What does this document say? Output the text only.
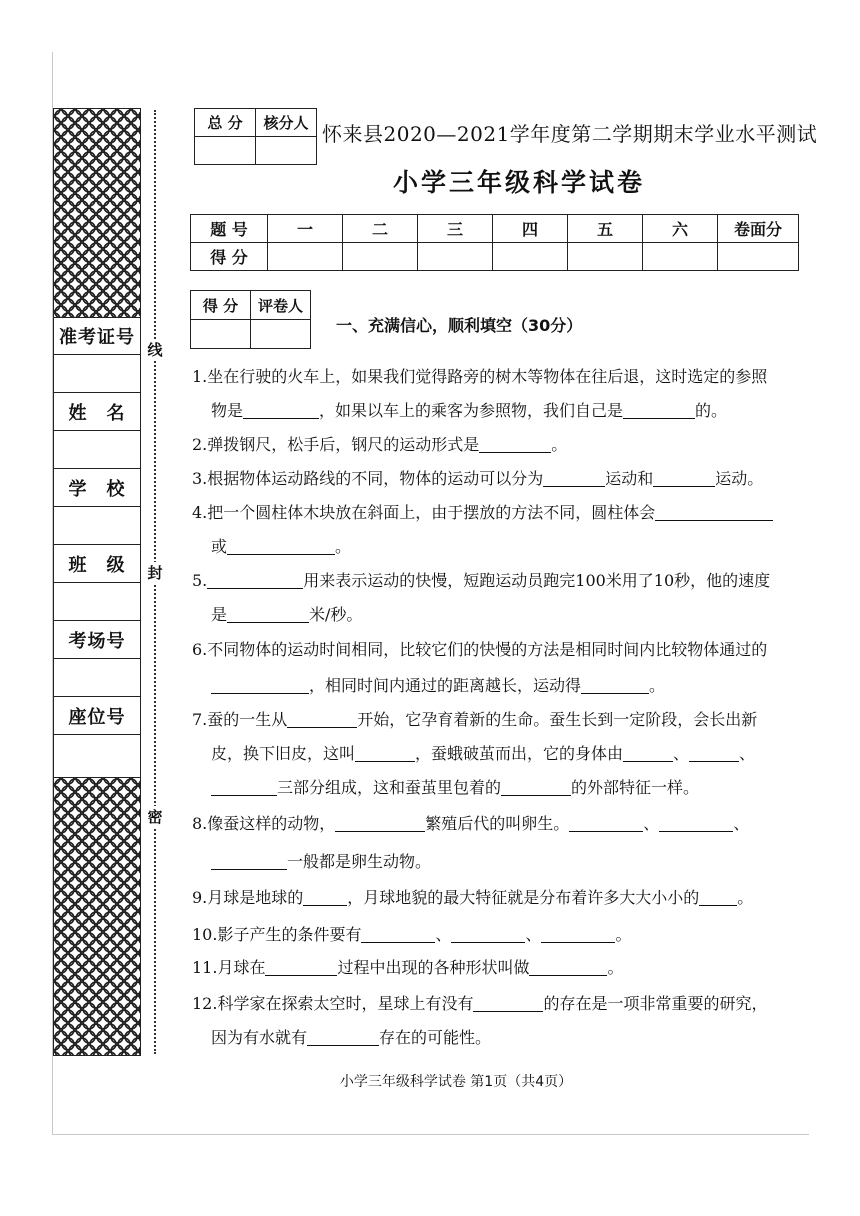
准考证号
姓　名
学　校
班　级
考场号
座位号
线
封
密
总 分	核分人
	怀来县2020—2021学年度第二学期期末学业水平测试
小学三年级科学试卷
题 号	一	二	三	四	五	六	卷面分
得 分							
得 分	评卷人

一、充满信心，顺利填空（30分）
1.坐在行驶的火车上，如果我们觉得路旁的树木等物体在往后退，这时选定的参照
物是	，如果以车上的乘客为参照物，我们自己是	的。
2.弹拨钢尺，松手后，钢尺的运动形式是	。
3.根据物体运动路线的不同，物体的运动可以分为	运动和	运动。
4.把一个圆柱体木块放在斜面上，由于摆放的方法不同，圆柱体会
或	。
5.	用来表示运动的快慢，短跑运动员跑完100米用了10秒，他的速度
是	米/秒。
6.不同物体的运动时间相同，比较它们的快慢的方法是相同时间内比较物体通过的
，相同时间内通过的距离越长，运动得	。
7.蚕的一生从	开始，它孕育着新的生命。蚕生长到一定阶段，会长出新
皮，换下旧皮，这叫	，蚕蛾破茧而出，它的身体由	、	、
三部分组成，这和蚕茧里包着的	的外部特征一样。
8.像蚕这样的动物，	繁殖后代的叫卵生。	、	、
一般都是卵生动物。
9.月球是地球的	，月球地貌的最大特征就是分布着许多大大小小的 。
10.影子产生的条件要有	、	、	。
11.月球在	过程中出现的各种形状叫做	。
12.科学家在探索太空时，星球上有没有	的存在是一项非常重要的研究，
因为有水就有	存在的可能性。
小学三年级科学试卷 第1页（共4页）
